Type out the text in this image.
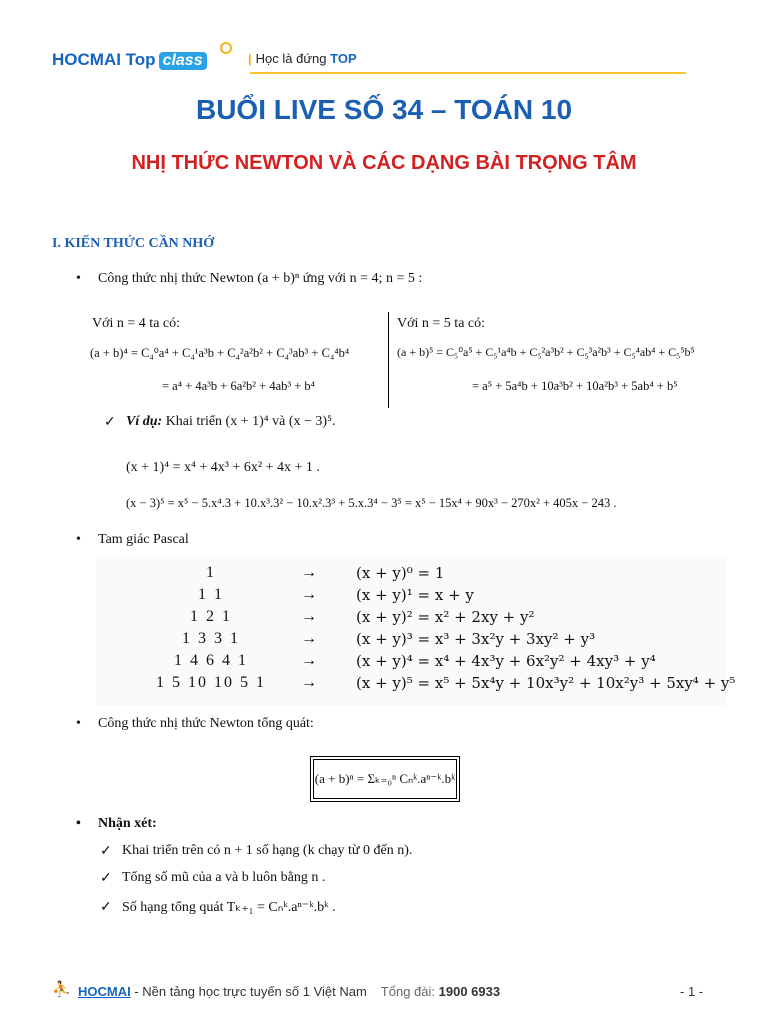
HOCMAI Top class	| Học là đứng TOP
BUỔI LIVE SỐ 34 – TOÁN 10
NHỊ THỨC NEWTON VÀ CÁC DẠNG BÀI TRỌNG TÂM
I. KIẾN THỨC CẦN NHỚ
• Công thức nhị thức Newton (a + b)ⁿ ứng với n = 4; n = 5 :
Với n = 4 ta có:
(a + b)⁴ = C₄⁰a⁴ + C₄¹a³b + C₄²a²b² + C₄³ab³ + C₄⁴b⁴
= a⁴ + 4a³b + 6a²b² + 4ab³ + b⁴
Với n = 5 ta có:
(a + b)⁵ = C₅⁰a⁵ + C₅¹a⁴b + C₅²a³b² + C₅³a²b³ + C₅⁴ab⁴ + C₅⁵b⁵
= a⁵ + 5a⁴b + 10a³b² + 10a²b³ + 5ab⁴ + b⁵
✓ Ví dụ: Khai triển (x + 1)⁴ và (x − 3)⁵.
(x + 1)⁴ = x⁴ + 4x³ + 6x² + 4x + 1 .
(x − 3)⁵ = x⁵ − 5.x⁴.3 + 10.x³.3² − 10.x².3³ + 5.x.3⁴ − 3⁵ = x⁵ − 15x⁴ + 90x³ − 270x² + 405x − 243 .
• Tam giác Pascal
1	→	(x + y)⁰ = 1
1 1	→	(x + y)¹ = x + y
1 2 1	→	(x + y)² = x² + 2xy + y²
1 3 3 1	→	(x + y)³ = x³ + 3x²y + 3xy² + y³
1 4 6 4 1	→	(x + y)⁴ = x⁴ + 4x³y + 6x²y² + 4xy³ + y⁴
1 5 10 10 5 1	→	(x + y)⁵ = x⁵ + 5x⁴y + 10x³y² + 10x²y³ + 5xy⁴ + y⁵
• Công thức nhị thức Newton tổng quát:
(a + b)ⁿ = Σₖ₌₀ⁿ Cₙᵏ.aⁿ⁻ᵏ.bᵏ
• Nhận xét:
✓ Khai triển trên có n + 1 số hạng (k chạy từ 0 đến n).
✓ Tổng số mũ của a và b luôn bằng n .
✓ Số hạng tổng quát Tₖ₊₁ = Cₙᵏ.aⁿ⁻ᵏ.bᵏ .
⛹ HOCMAI - Nền tảng học trực tuyến số 1 Việt Nam Tổng đài: 1900 6933	- 1 -
